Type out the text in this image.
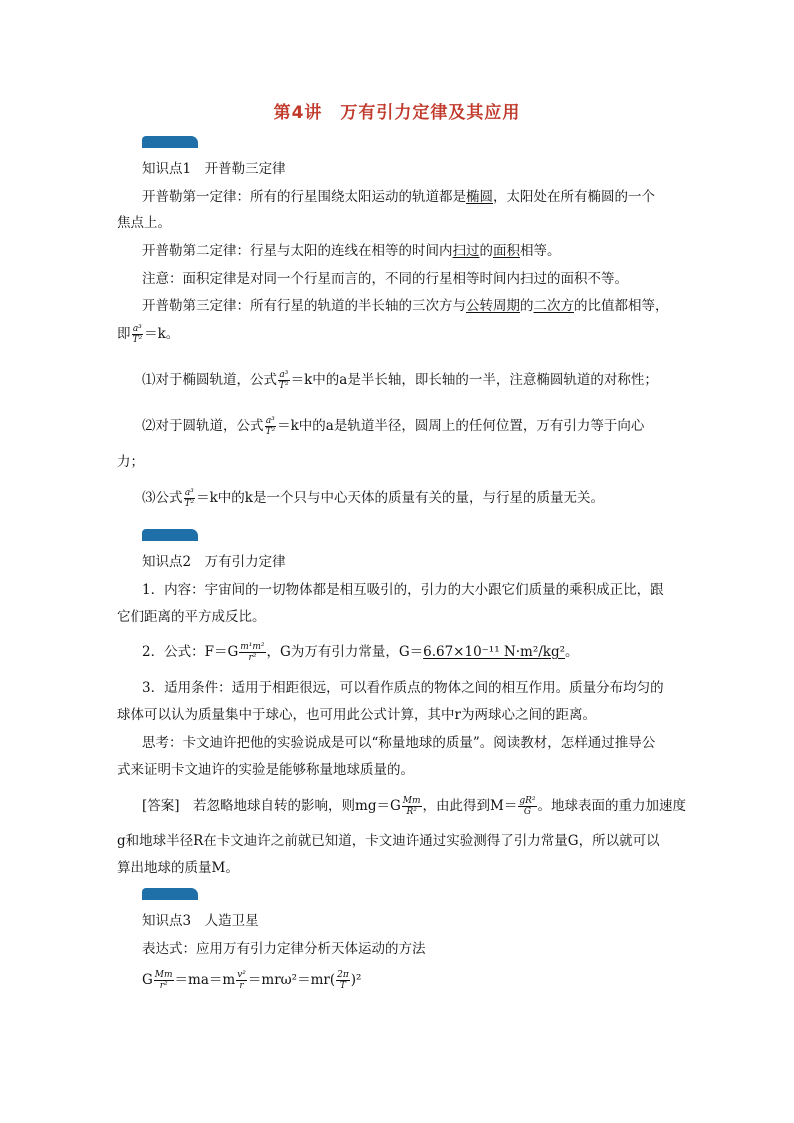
第4讲　万有引力定律及其应用
知识点1　开普勒三定律
开普勒第一定律：所有的行星围绕太阳运动的轨道都是椭圆，太阳处在所有椭圆的一个
焦点上。
开普勒第二定律：行星与太阳的连线在相等的时间内扫过的面积相等。
注意：面积定律是对同一个行星而言的，不同的行星相等时间内扫过的面积不等。
开普勒第三定律：所有行星的轨道的半长轴的三次方与公转周期的二次方的比值都相等，
即 $\frac{\text{a³}}{\text{T²}} =k$。
⑴对于椭圆轨道，公式 $\frac{\text{a³}}{\text{T²}} =k$中的a是半长轴，即长轴的一半，注意椭圆轨道的对称性；
⑵对于圆轨道，公式 $\frac{\text{a³}}{\text{T²}} =k$中的a是轨道半径，圆周上的任何位置，万有引力等于向心
力；
⑶公式 $\frac{\text{a³}}{\text{T²}} =k$中的k是一个只与中心天体的质量有关的量，与行星的质量无关。
知识点2　万有引力定律
1．内容：宇宙间的一切物体都是相互吸引的，引力的大小跟它们质量的乘积成正比，跟
它们距离的平方成反比。
2．公式：$F=G \frac{\text{m¹m²}}{\text{r²}}$ ，G为万有引力常量，G＝6.67×10⁻¹¹ N·m²/kg²。
3．适用条件：适用于相距很远，可以看作质点的物体之间的相互作用。质量分布均匀的
球体可以认为质量集中于球心，也可用此公式计算，其中r为两球心之间的距离。
思考：卡文迪许把他的实验说成是可以“称量地球的质量”。阅读教材，怎样通过推导公
式来证明卡文迪许的实验是能够称量地球质量的。
[答案]　若忽略地球自转的影响，则$mg=G \frac{Mm}{\text{R²}}$ ，由此得到$M= \frac{\text{gR²}}{G}$ 。地球表面的重力加速度
g和地球半径R在卡文迪许之前就已知道，卡文迪许通过实验测得了引力常量G，所以就可以
算出地球的质量M。
知识点3　人造卫星
表达式：应用万有引力定律分析天体运动的方法
G $\frac{Mm}{\text{r²}} =ma=m \frac{\text{v²}}{r} =mr\omega^2=mr( \frac{2\pi}{T} )^2$
